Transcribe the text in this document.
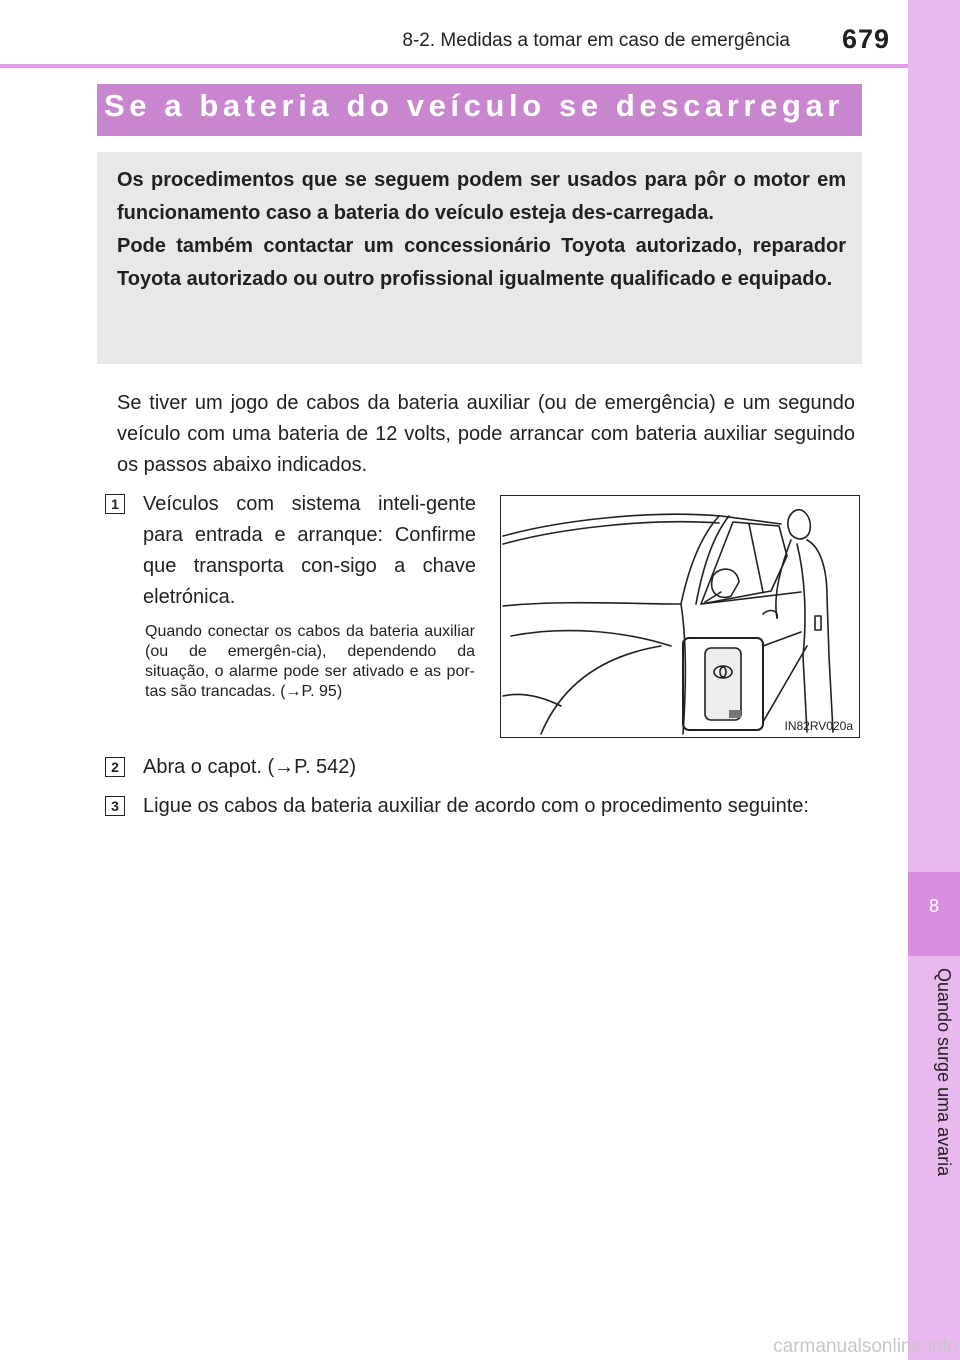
8
Quando surge uma avaria
8-2. Medidas a tomar em caso de emergência	679
Se a bateria do veículo se descarregar

Os procedimentos que se seguem podem ser usados para pôr o motor em funcionamento caso a bateria do veículo esteja des-carregada.

Pode também contactar um concessionário Toyota autorizado, reparador Toyota autorizado ou outro profissional igualmente qualificado e equipado.

Se tiver um jogo de cabos da bateria auxiliar (ou de emergência) e um segundo veículo com uma bateria de 12 volts, pode arrancar com bateria auxiliar seguindo os passos abaixo indicados.
1	Veículos com sistema inteli-gente para entrada e arranque: Confirme que transporta con-sigo a chave eletrónica.
Quando conectar os cabos da bateria auxiliar (ou de emergên-cia), dependendo da situação, o alarme pode ser ativado e as por-tas são trancadas. (→P. 95)
IN82RV020a
2	Abra o capot. (→P. 542)
3	Ligue os cabos da bateria auxiliar de acordo com o procedimento seguinte:
carmanualsonline.info
